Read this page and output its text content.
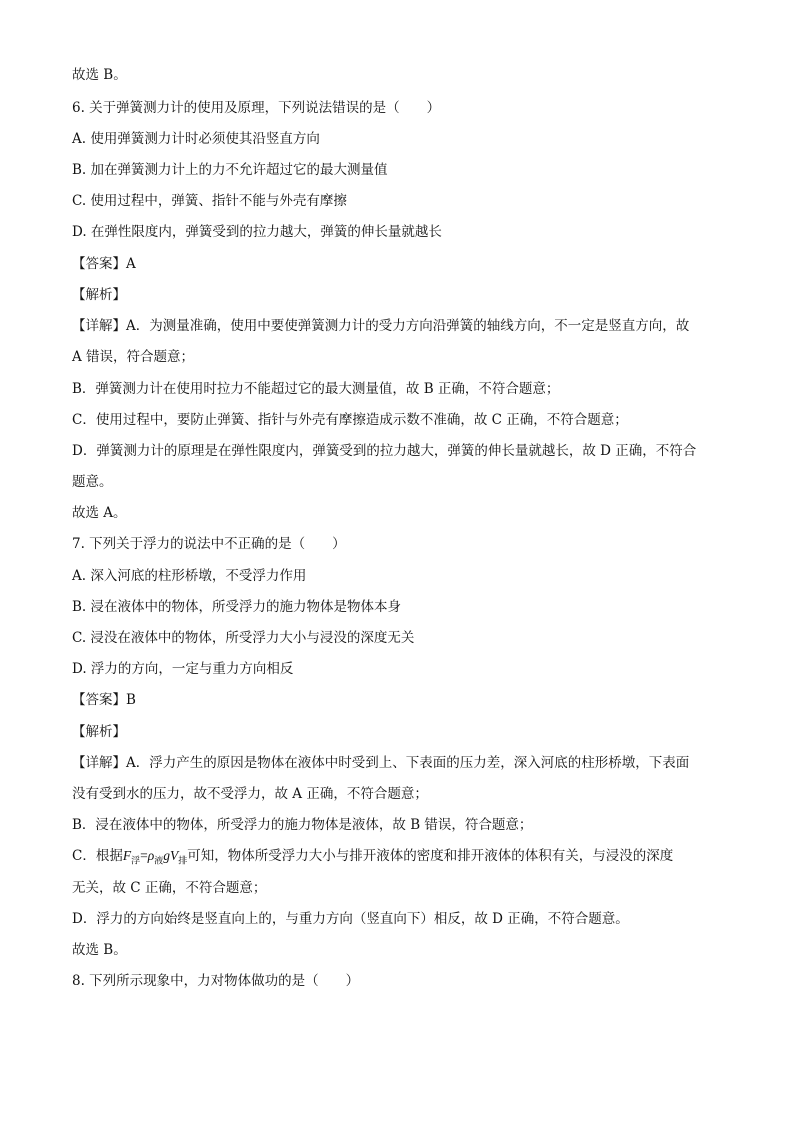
故选 B。
6. 关于弹簧测力计的使用及原理，下列说法错误的是（　　）
A. 使用弹簧测力计时必须使其沿竖直方向
B. 加在弹簧测力计上的力不允许超过它的最大测量值
C. 使用过程中，弹簧、指针不能与外壳有摩擦
D. 在弹性限度内，弹簧受到的拉力越大，弹簧的伸长量就越长
【答案】A
【解析】
【详解】A．为测量准确，使用中要使弹簧测力计的受力方向沿弹簧的轴线方向，不一定是竖直方向，故
A 错误，符合题意；
B．弹簧测力计在使用时拉力不能超过它的最大测量值，故 B 正确，不符合题意；
C．使用过程中，要防止弹簧、指针与外壳有摩擦造成示数不准确，故 C 正确，不符合题意；
D．弹簧测力计的原理是在弹性限度内，弹簧受到的拉力越大，弹簧的伸长量就越长，故 D 正确，不符合
题意。
故选 A。
7. 下列关于浮力的说法中不正确的是（　　）
A. 深入河底的柱形桥墩，不受浮力作用
B. 浸在液体中的物体，所受浮力的施力物体是物体本身
C. 浸没在液体中的物体，所受浮力大小与浸没的深度无关
D. 浮力的方向，一定与重力方向相反
【答案】B
【解析】
【详解】A．浮力产生的原因是物体在液体中时受到上、下表面的压力差，深入河底的柱形桥墩，下表面
没有受到水的压力，故不受浮力，故 A 正确，不符合题意；
B．浸在液体中的物体，所受浮力的施力物体是液体，故 B 错误，符合题意；
C．根据$F_浮=\rho_液gV_排$可知，物体所受浮力大小与排开液体的密度和排开液体的体积有关，与浸没的深度
无关，故 C 正确，不符合题意；
D．浮力的方向始终是竖直向上的，与重力方向（竖直向下）相反，故 D 正确，不符合题意。
故选 B。
8. 下列所示现象中，力对物体做功的是（　　）
